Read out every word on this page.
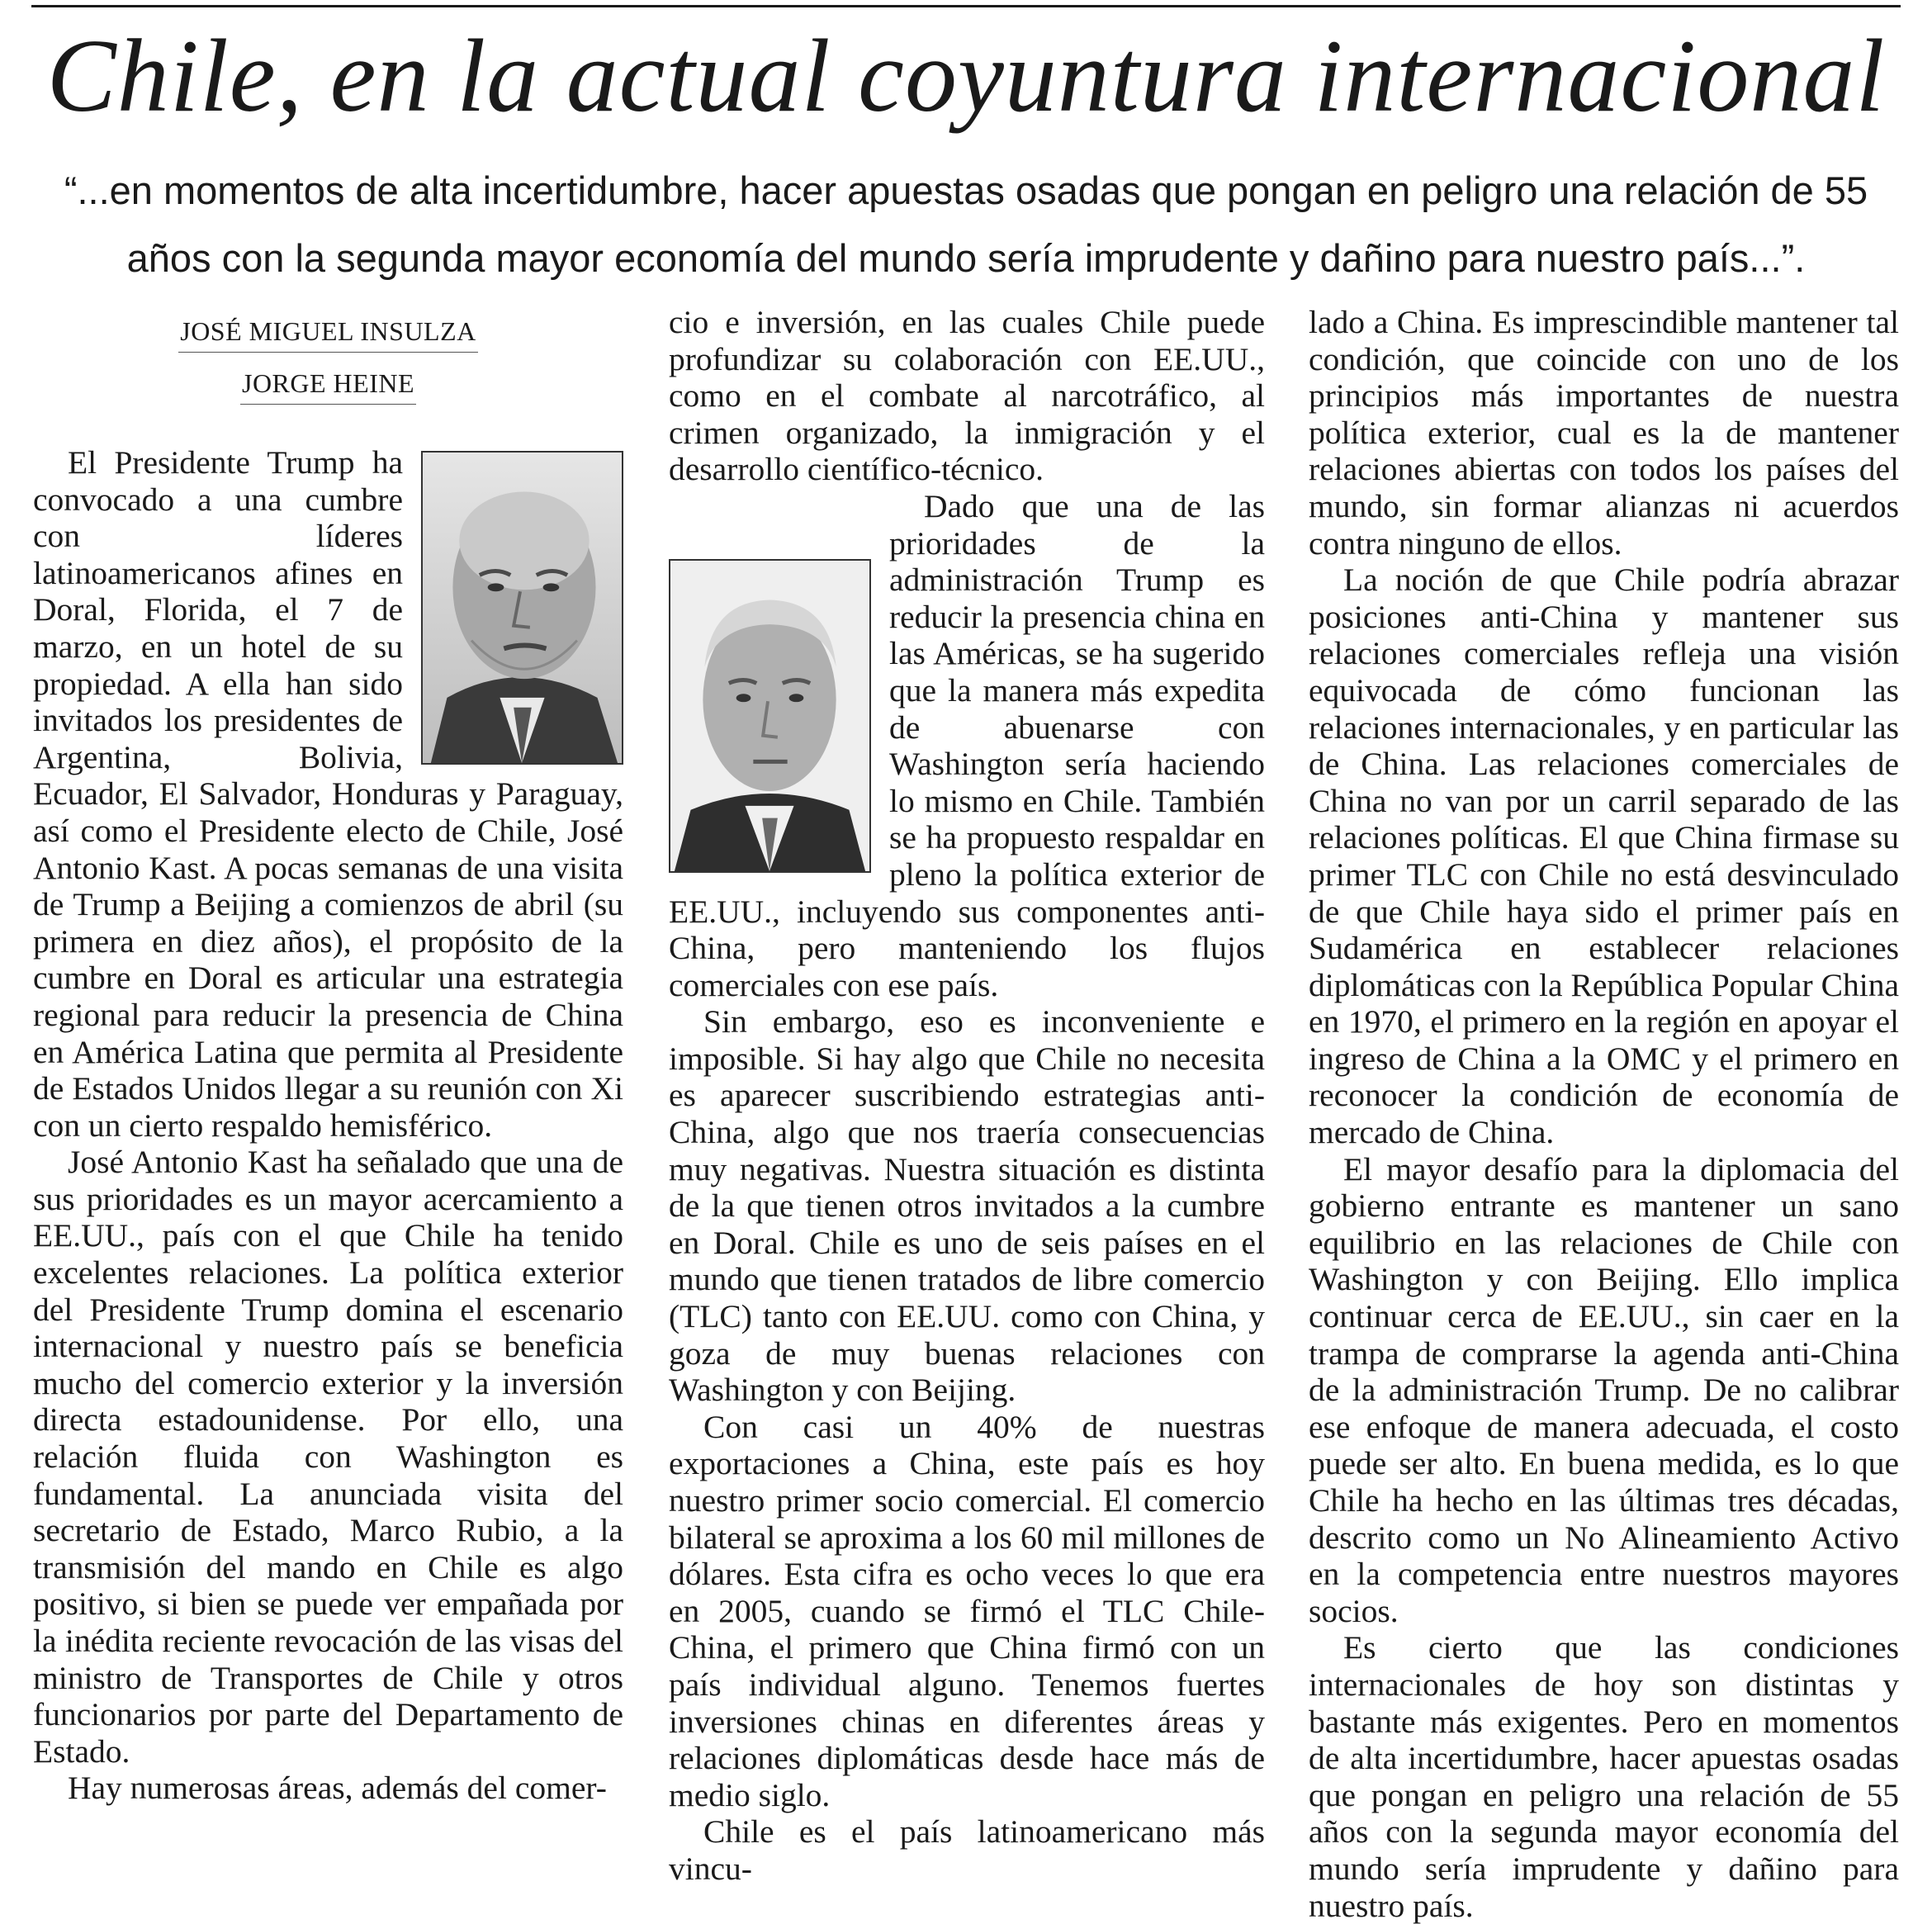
Chile, en la actual coyuntura internacional
“...en momentos de alta incertidumbre, hacer apuestas osadas que pongan en peligro una relación de 55 años con la segunda mayor economía del mundo sería imprudente y dañino para nuestro país...”.
JOSÉ MIGUEL INSULZA
JORGE HEINE

El Presidente Trump ha convocado a una cumbre con líderes latinoamericanos afines en Doral, Florida, el 7 de marzo, en un hotel de su propiedad. A ella han sido invitados los presidentes de Argentina, Bolivia, Ecuador, El Salvador, Honduras y Paraguay, así como el Presidente electo de Chile, José Antonio Kast. A pocas semanas de una visita de Trump a Beijing a comienzos de abril (su primera en diez años), el propósito de la cumbre en Doral es articular una estrategia regional para reducir la presencia de China en América Latina que permita al Presidente de Estados Unidos llegar a su reunión con Xi con un cierto respaldo hemisférico.

José Antonio Kast ha señalado que una de sus prioridades es un mayor acercamiento a EE.UU., país con el que Chile ha tenido excelentes relaciones. La política exterior del Presidente Trump domina el escenario internacional y nuestro país se beneficia mucho del comercio exterior y la inversión directa estadounidense. Por ello, una relación fluida con Washington es fundamental. La anunciada visita del secretario de Estado, Marco Rubio, a la transmisión del mando en Chile es algo positivo, si bien se puede ver empañada por la inédita reciente revocación de las visas del ministro de Transportes de Chile y otros funcionarios por parte del Departamento de Estado.

Hay numerosas áreas, además del comer-

cio e inversión, en las cuales Chile puede profundizar su colaboración con EE.UU., como en el combate al narcotráfico, al crimen organizado, la inmigración y el desarrollo científico-técnico.

Dado que una de las prioridades de la administración Trump es reducir la presencia china en las Américas, se ha sugerido que la manera más expedita de abuenarse con Washington sería haciendo lo mismo en Chile. También se ha propuesto respaldar en pleno la política exterior de EE.UU., incluyendo sus componentes anti-China, pero manteniendo los flujos comerciales con ese país.

Sin embargo, eso es inconveniente e imposible. Si hay algo que Chile no necesita es aparecer suscribiendo estrategias anti-China, algo que nos traería consecuencias muy negativas. Nuestra situación es distinta de la que tienen otros invitados a la cumbre en Doral. Chile es uno de seis países en el mundo que tienen tratados de libre comercio (TLC) tanto con EE.UU. como con China, y goza de muy buenas relaciones con Washington y con Beijing.

Con casi un 40% de nuestras exportaciones a China, este país es hoy nuestro primer socio comercial. El comercio bilateral se aproxima a los 60 mil millones de dólares. Esta cifra es ocho veces lo que era en 2005, cuando se firmó el TLC Chile-China, el primero que China firmó con un país individual alguno. Tenemos fuertes inversiones chinas en diferentes áreas y relaciones diplomáticas desde hace más de medio siglo.

Chile es el país latinoamericano más vincu-

lado a China. Es imprescindible mantener tal condición, que coincide con uno de los principios más importantes de nuestra política exterior, cual es la de mantener relaciones abiertas con todos los países del mundo, sin formar alianzas ni acuerdos contra ninguno de ellos.

La noción de que Chile podría abrazar posiciones anti-China y mantener sus relaciones comerciales refleja una visión equivocada de cómo funcionan las relaciones internacionales, y en particular las de China. Las relaciones comerciales de China no van por un carril separado de las relaciones políticas. El que China firmase su primer TLC con Chile no está desvinculado de que Chile haya sido el primer país en Sudamérica en establecer relaciones diplomáticas con la República Popular China en 1970, el primero en la región en apoyar el ingreso de China a la OMC y el primero en reconocer la condición de economía de mercado de China.

El mayor desafío para la diplomacia del gobierno entrante es mantener un sano equilibrio en las relaciones de Chile con Washington y con Beijing. Ello implica continuar cerca de EE.UU., sin caer en la trampa de comprarse la agenda anti-China de la administración Trump. De no calibrar ese enfoque de manera adecuada, el costo puede ser alto. En buena medida, es lo que Chile ha hecho en las últimas tres décadas, descrito como un No Alineamiento Activo en la competencia entre nuestros mayores socios.

Es cierto que las condiciones internacionales de hoy son distintas y bastante más exigentes. Pero en momentos de alta incertidumbre, hacer apuestas osadas que pongan en peligro una relación de 55 años con la segunda mayor economía del mundo sería imprudente y dañino para nuestro país.
